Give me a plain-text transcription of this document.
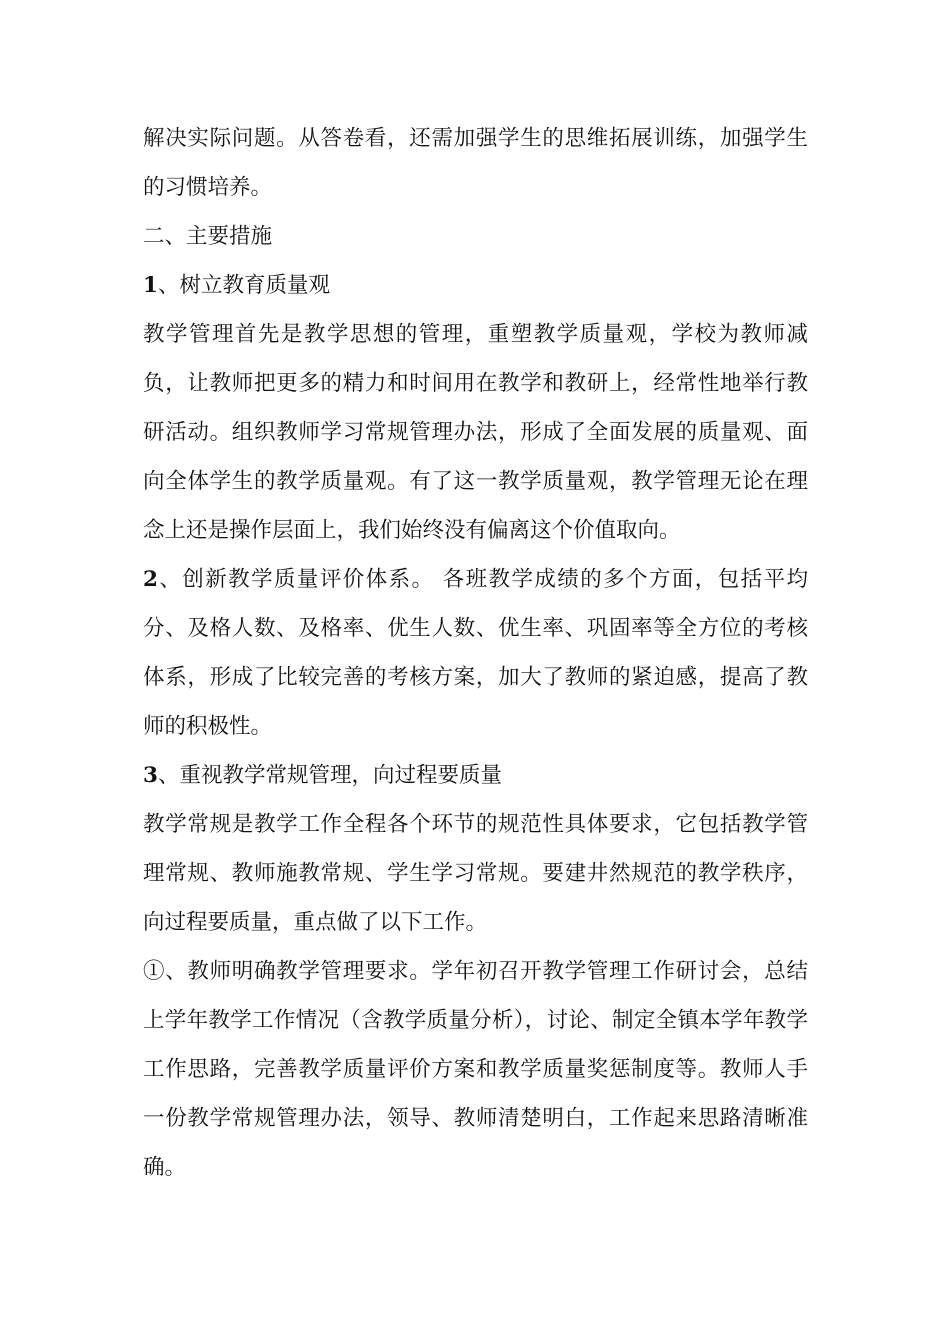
解决实际问题。从答卷看，还需加强学生的思维拓展训练，加强学生的习惯培养。

二、主要措施

1、树立教育质量观

教学管理首先是教学思想的管理，重塑教学质量观，学校为教师减负，让教师把更多的精力和时间用在教学和教研上，经常性地举行教研活动。组织教师学习常规管理办法，形成了全面发展的质量观、面向全体学生的教学质量观。有了这一教学质量观，教学管理无论在理念上还是操作层面上，我们始终没有偏离这个价值取向。

2、创新教学质量评价体系。 各班教学成绩的多个方面，包括平均分、及格人数、及格率、优生人数、优生率、巩固率等全方位的考核体系，形成了比较完善的考核方案，加大了教师的紧迫感，提高了教师的积极性。

3、重视教学常规管理，向过程要质量

教学常规是教学工作全程各个环节的规范性具体要求，它包括教学管理常规、教师施教常规、学生学习常规。要建井然规范的教学秩序，向过程要质量，重点做了以下工作。

①、教师明确教学管理要求。学年初召开教学管理工作研讨会，总结上学年教学工作情况（含教学质量分析），讨论、制定全镇本学年教学工作思路，完善教学质量评价方案和教学质量奖惩制度等。教师人手一份教学常规管理办法，领导、教师清楚明白，工作起来思路清晰准确。
